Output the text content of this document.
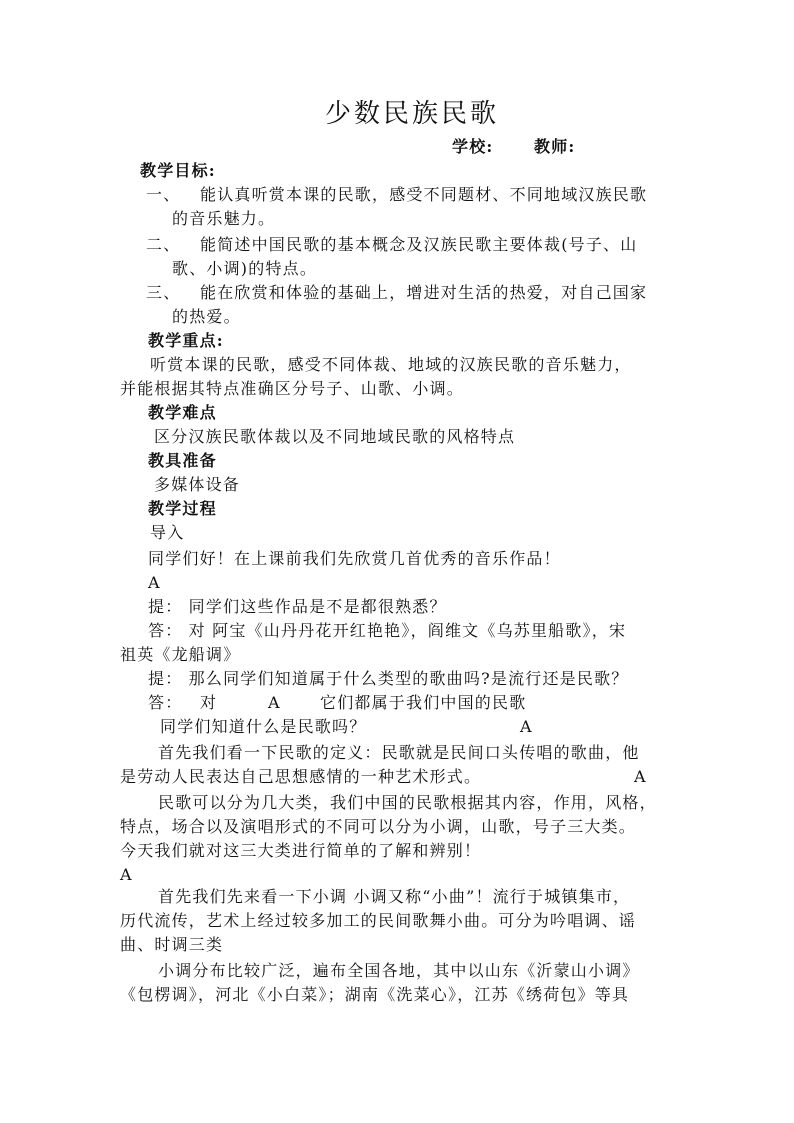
少数民族民歌
学校:	教师:
教学目标:
一、 能认真听赏本课的民歌，感受不同题材、不同地域汉族民歌
的音乐魅力。
二、 能简述中国民歌的基本概念及汉族民歌主要体裁(号子、山
歌、小调)的特点。
三、 能在欣赏和体验的基础上，增进对生活的热爱，对自己国家
的热爱。
教学重点:
听赏本课的民歌，感受不同体裁、地域的汉族民歌的音乐魅力，
并能根据其特点准确区分号子、山歌、小调。
教学难点
区分汉族民歌体裁以及不同地域民歌的风格特点
教具准备
多媒体设备
教学过程
导入
同学们好！在上课前我们先欣赏几首优秀的音乐作品！
A
提： 同学们这些作品是不是都很熟悉？
答： 对 阿宝《山丹丹花开红艳艳》，阎维文《乌苏里船歌》，宋
祖英《龙船调》
提： 那么同学们知道属于什么类型的歌曲吗?是流行还是民歌？
答： 对	A 它们都属于我们中国的民歌
同学们知道什么是民歌吗？	A
首先我们看一下民歌的定义：民歌就是民间口头传唱的歌曲，他
是劳动人民表达自己思想感情的一种艺术形式。	A
民歌可以分为几大类，我们中国的民歌根据其内容，作用，风格，
特点，场合以及演唱形式的不同可以分为小调，山歌，号子三大类。
今天我们就对这三大类进行简单的了解和辨别！
A
首先我们先来看一下小调 小调又称“小曲”！流行于城镇集市，
历代流传，艺术上经过较多加工的民间歌舞小曲。可分为吟唱调、谣
曲、时调三类
小调分布比较广泛，遍布全国各地，其中以山东《沂蒙山小调》
《包楞调》，河北《小白菜》；湖南《洗菜心》，江苏《绣荷包》等具
